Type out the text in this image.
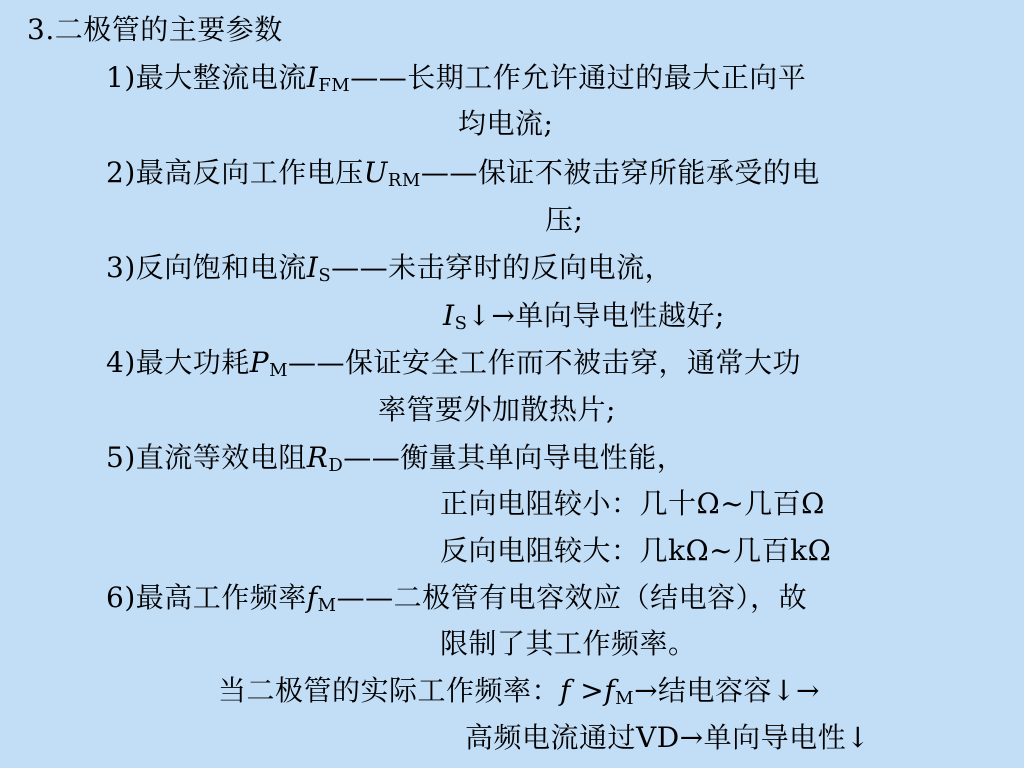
3.二极管的主要参数
1)最大整流电流$I_{FM}——$长期工作允许通过的最大正向平
均电流;
2)最高反向工作电压$U_{RM}——$保证不被击穿所能承受的电
压;
3)反向饱和电流$I_S——$未击穿时的反向电流，
$I_S↓\to$单向导电性越好;
4)最大功耗$P_M——$保证安全工作而不被击穿，通常大功
率管要外加散热片;
5)直流等效电阻$R_D——$衡量其单向导电性能，
正向电阻较小：几十Ω~几百Ω
反向电阻较大：几kΩ~几百kΩ
6)最高工作频率$f_M——$二极管有电容效应（结电容），故
限制了其工作频率。
当二极管的实际工作频率：$f >f_M\to$结电容容↓→
高频电流通过VD→单向导电性↓
